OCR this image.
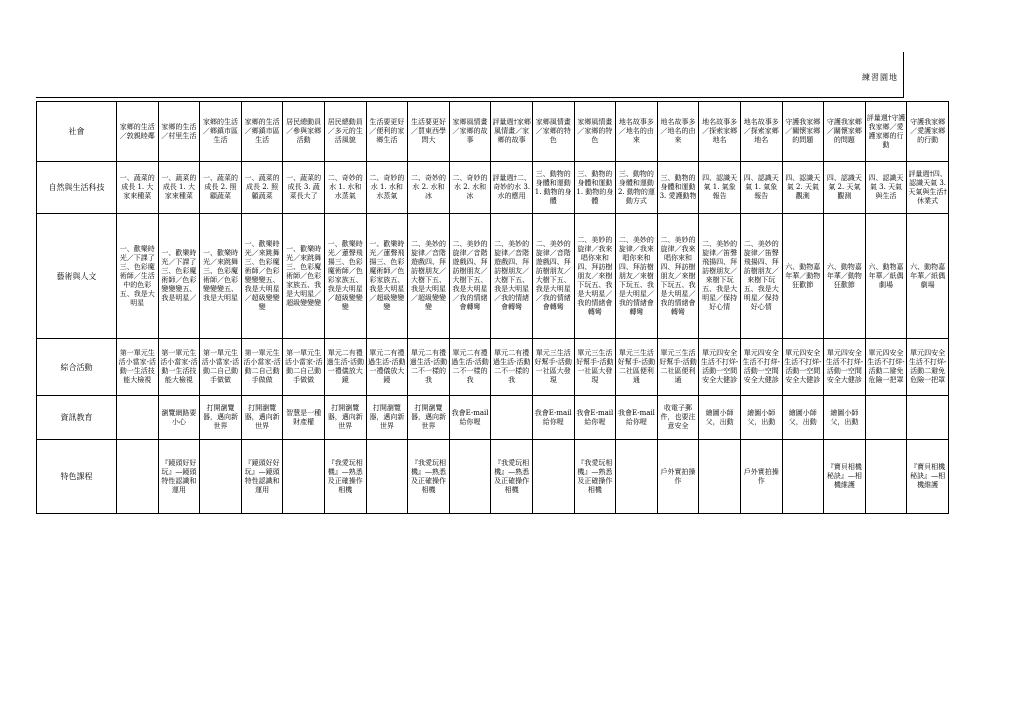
練習園地
社會	家鄉的生活／敦親睦鄰	家鄉的生活／村里生活	家鄉的生活／鄉鎮市區生活	家鄉的生活／鄉鎮市區生活	居民總動員／參與家鄉活動	居民總動員／多元的生活風貌	生活要更好／便利的家鄉生活	生活要更好／買東西學問大	家鄉風情畫／家鄉的故事	評量週†家鄉風情畫／家鄉的故事	家鄉風情畫／家鄉的特色	家鄉風情畫／家鄉的特色	地名故事多／地名的由來	地名故事多／地名的由來	地名故事多／探索家鄉地名	地名故事多／探索家鄉地名	守護我家鄉／關懷家鄉的問題	守護我家鄉／關懷家鄉的問題	評量週†守護我家鄉／愛護家鄉的行動	守護我家鄉／愛護家鄉的行動
自然與生活科技	一、蔬菜的成長 1. 大家來種菜	一、蔬菜的成長 1. 大家來種菜	一、蔬菜的成長 2. 照顧蔬菜	一、蔬菜的成長 2. 照顧蔬菜	一、蔬菜的成長 3. 蔬菜長大了	二、奇妙的水 1. 水和水蒸氣	二、奇妙的水 1. 水和水蒸氣	二、奇妙的水 2. 水和冰	二、奇妙的水 2. 水和冰	評量週†二、奇妙的水 3. 水的應用	三、動物的身體和運動 1. 動物的身體	三、動物的身體和運動 1. 動物的身體	三、動物的身體和運動 2. 動物的運動方式	三、動物的身體和運動 3. 愛護動物	四、認識天氣 1. 氣象報告	四、認識天氣 1. 氣象報告	四、認識天氣 2. 天氣觀測	四、認識天氣 2. 天氣觀測	四、認識天氣 3. 天氣與生活	評量週†四、認識天氣 3. 天氣與生活†休業式
藝術與人文	一、歡樂時光／下課了三、色彩魔術師／生活中的色彩五、我是大明星	一、歡樂時光／下課了三、色彩魔術師／色彩變變變五、我是明星／	一、歡樂時光／來跳舞三、色彩魔術師／色彩變變變五、我是大明星	一、歡樂時光／來跳舞三、色彩魔術師／色彩變變變五、我是大明星／超級變變變	一、歡樂時光／來跳舞三、色彩魔術師／色彩家族五、我是大明星／超級變變變	一、歡樂時光／蓮聲飛揚三、色彩魔術師／色彩家族五、我是大明星／超級變變變	一、歡樂時光／蓮聲飛揚三、色彩魔術師／色彩家族五、我是大明星／超級變變變	二、美妙的旋律／音階遊戲四、拜訪樹朋友／大樹下五、我是大明星／超級變變變	二、美妙的旋律／音階遊戲四、拜訪樹朋友／大樹下五、我是大明星／我的情緒會轉彎	二、美妙的旋律／音階遊戲四、拜訪樹朋友／大樹下五、我是大明星／我的情緒會轉彎	二、美妙的旋律／音階遊戲四、拜訪樹朋友／大樹下五、我是大明星／我的情緒會轉彎	二、美妙的旋律／我來唱你來和四、拜訪樹朋友／來樹下玩五、我是大明星／我的情緒會轉彎	二、美妙的旋律／我來唱你來和四、拜訪樹朋友／來樹下玩五、我是大明星／我的情緒會轉彎	二、美妙的旋律／我來唱你來和四、拜訪樹朋友／來樹下玩五、我是大明星／我的情緒會轉彎	二、美妙的旋律／笛聲飛揚四、拜訪樹朋友／來樹下玩五、我是大明星／保持好心情	二、美妙的旋律／笛聲飛揚四、拜訪樹朋友／來樹下玩五、我是大明星／保持好心情	六、動物嘉年華／動物狂歡節	六、動物嘉年華／動物狂歡節	六、動物嘉年華／紙偶劇場	六、動物嘉年華／紙偶劇場
綜合活動	第一單元生活小當家-活動一生活技能大檢視	第一單元生活小當家-活動一生活技能大檢視	第一單元生活小當家-活動二自己動手做做	第一單元生活小當家-活動二自己動手做做	第一單元生活小當家-活動二自己動手做做	單元二有禮過生活-活動一禮儀放大鏡	單元二有禮過生活-活動一禮儀放大鏡	單元二有禮過生活-活動二不一樣的我	單元二有禮過生活-活動二不一樣的我	單元二有禮過生活-活動二不一樣的我	單元三生活好幫手-活動一社區大發現	單元三生活好幫手-活動一社區大發現	單元三生活好幫手-活動二社區便利通	單元三生活好幫手-活動二社區便利通	單元四安全生活不打烊-活動一空間安全大健診	單元四安全生活不打烊-活動一空間安全大健診	單元四安全生活不打烊-活動一空間安全大健診	單元四安全生活不打烊-活動一空間安全大健診	單元四安全生活不打烊-活動二避免危險一把罩	單元四安全生活不打烊-活動二避免危險一把罩
資訊教育		瀏覽網路要小心	打開瀏覽器，邁向新世界	打開瀏覽器，邁向新世界	智慧是一種財產權	打開瀏覽器，邁向新世界	打開瀏覽器，邁向新世界	打開瀏覽器，邁向新世界	我會E-mail給你喔		我會E-mail給你喔	我會E-mail給你喔	我會E-mail給你喔	收電子郵件，也要注意安全	繪圖小師父，出動	繪圖小師父，出動	繪圖小師父，出動	繪圖小師父，出動		
特色課程		『鏡頭好好玩』—鏡頭特性認識和運用		『鏡頭好好玩』—鏡頭特性認識和運用		『我愛玩相機』—熟悉及正確操作相機		『我愛玩相機』—熟悉及正確操作相機		『我愛玩相機』—熟悉及正確操作相機		『我愛玩相機』—熟悉及正確操作相機		戶外實拍操作		戶外實拍操作		『寶貝相機秘訣』—相機維護		『寶貝相機秘訣』—相機維護
